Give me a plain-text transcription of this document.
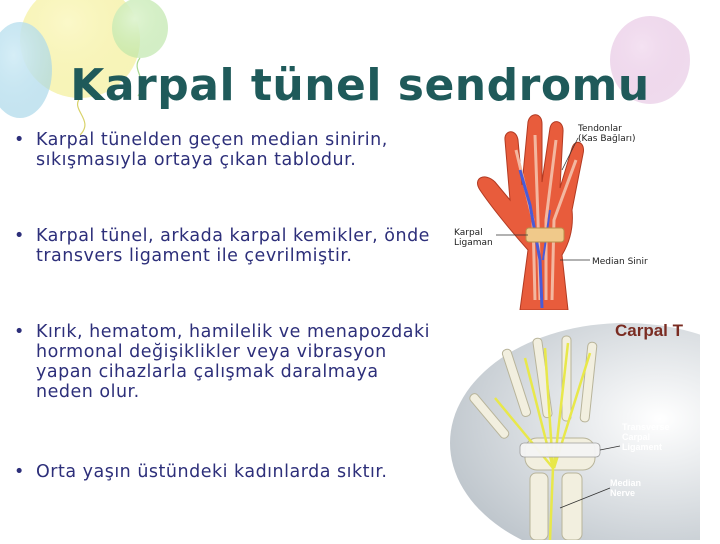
Karpal tünel sendromu
• Karpal tünelden geçen median sinirin, sıkışmasıyla ortaya çıkan tablodur.
• Karpal tünel, arkada karpal kemikler, önde transvers ligament ile çevrilmiştir.
• Kırık, hematom, hamilelik ve menapozdaki hormonal değişiklikler veya vibrasyon yapan cihazlarla çalışmak daralmaya neden olur.
• Orta yaşın üstündeki kadınlarda sıktır.
Tendonlar
(Kas Bağları)
Karpal
Ligaman
Median Sinir
Carpal T
Transverse
Carpal
Ligament
Median
Nerve
